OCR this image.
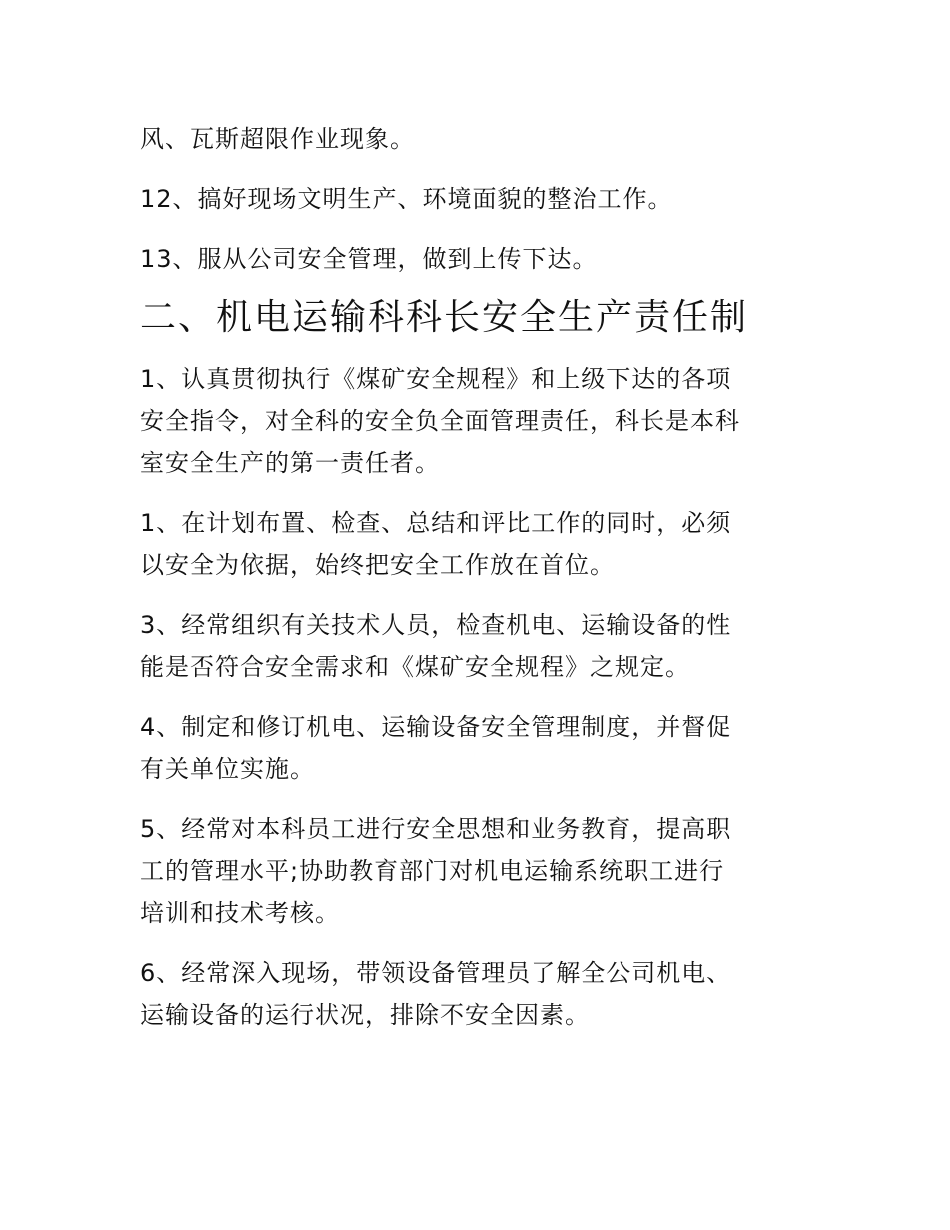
风、瓦斯超限作业现象。

12、搞好现场文明生产、环境面貌的整治工作。

13、服从公司安全管理，做到上传下达。

二、机电运输科科长安全生产责任制

1、认真贯彻执行《煤矿安全规程》和上级下达的各项
安全指令，对全科的安全负全面管理责任，科长是本科
室安全生产的第一责任者。

1、在计划布置、检查、总结和评比工作的同时，必须
以安全为依据，始终把安全工作放在首位。

3、经常组织有关技术人员，检查机电、运输设备的性
能是否符合安全需求和《煤矿安全规程》之规定。

4、制定和修订机电、运输设备安全管理制度，并督促
有关单位实施。

5、经常对本科员工进行安全思想和业务教育，提高职
工的管理水平;协助教育部门对机电运输系统职工进行
培训和技术考核。

6、经常深入现场，带领设备管理员了解全公司机电、
运输设备的运行状况，排除不安全因素。
